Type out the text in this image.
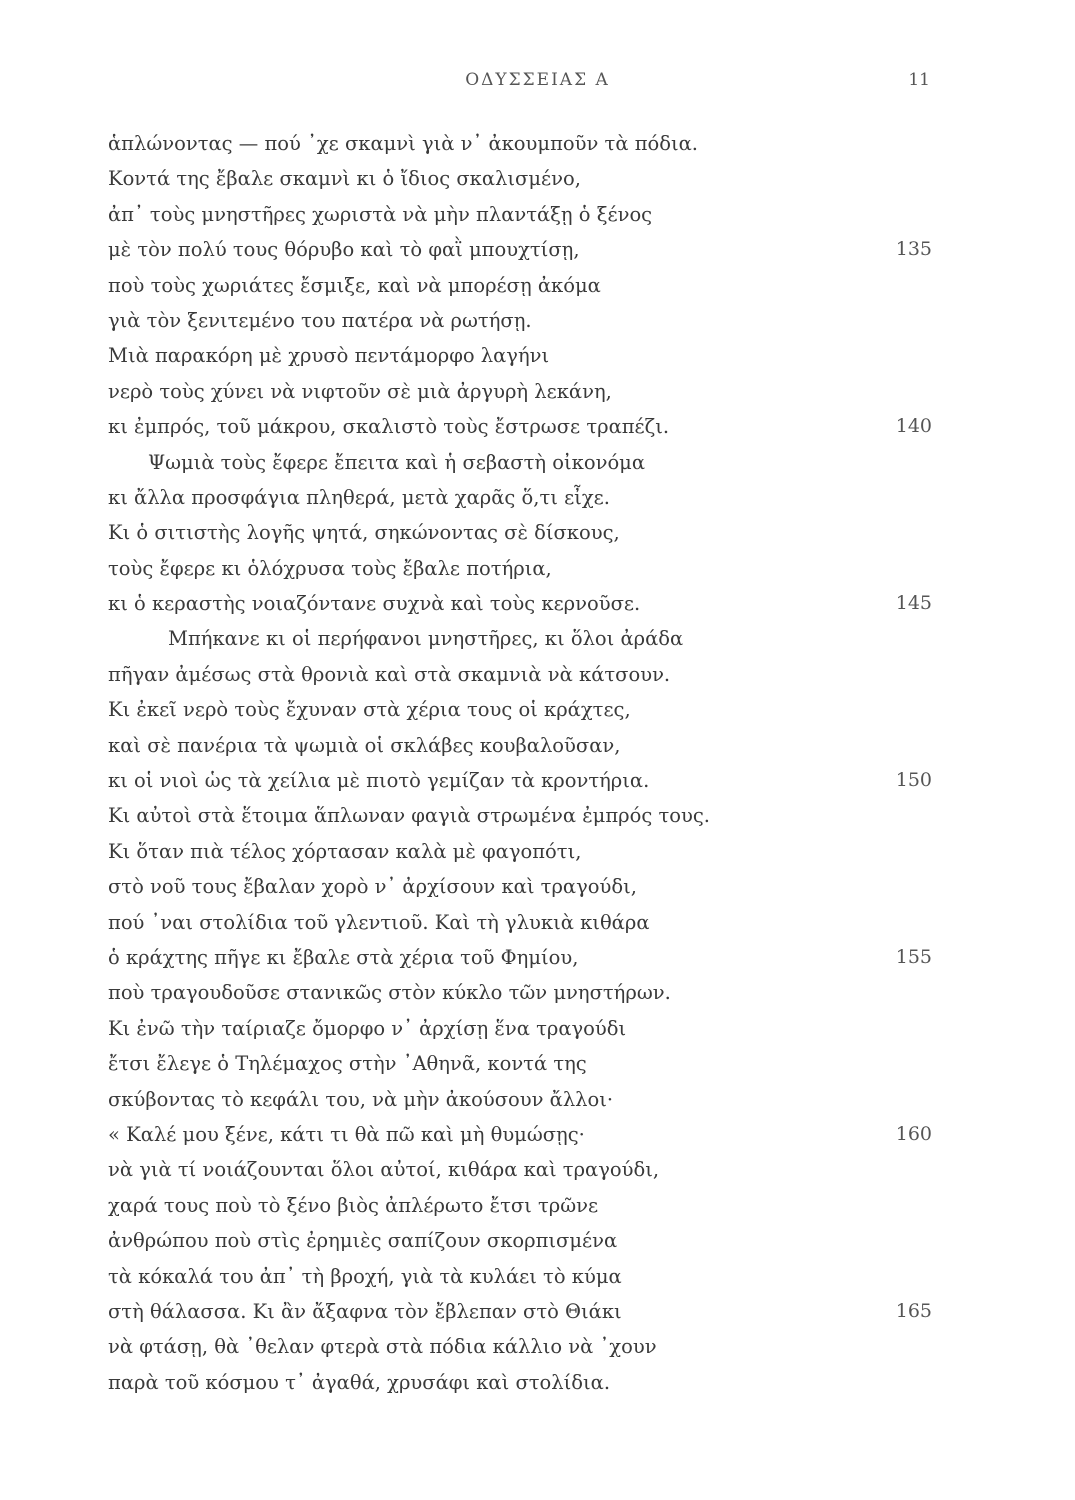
ΟΔΥΣΣΕΙΑΣ Α	11
ἁπλώνοντας — πού ᾿χε σκαμνὶ γιὰ ν᾿ ἀκουμποῦν τὰ πόδια.
Κοντά της ἔβαλε σκαμνὶ κι ὁ ἴδιος σκαλισμένο,
ἀπ᾿ τοὺς μνηστῆρες χωριστὰ νὰ μὴν πλαντάξῃ ὁ ξένος
μὲ τὸν πολύ τους θόρυβο καὶ τὸ φαῒ μπουχτίσῃ,	135
ποὺ τοὺς χωριάτες ἔσμιξε, καὶ νὰ μπορέσῃ ἀκόμα
γιὰ τὸν ξενιτεμένο του πατέρα νὰ ρωτήσῃ.
Μιὰ παρακόρη μὲ χρυσὸ πεντάμορφο λαγήνι
νερὸ τοὺς χύνει νὰ νιφτοῦν σὲ μιὰ ἀργυρὴ λεκάνη,
κι ἐμπρός, τοῦ μάκρου, σκαλιστὸ τοὺς ἔστρωσε τραπέζι.	140
Ψωμιὰ τοὺς ἔφερε ἔπειτα καὶ ἡ σεβαστὴ οἰκονόμα
κι ἄλλα προσφάγια πληθερά, μετὰ χαρᾶς ὅ,τι εἶχε.
Κι ὁ σιτιστὴς λογῆς ψητά, σηκώνοντας σὲ δίσκους,
τοὺς ἔφερε κι ὁλόχρυσα τοὺς ἔβαλε ποτήρια,
κι ὁ κεραστὴς νοιαζόντανε συχνὰ καὶ τοὺς κερνοῦσε.	145
Μπήκανε κι οἱ περήφανοι μνηστῆρες, κι ὅλοι ἀράδα
πῆγαν ἀμέσως στὰ θρονιὰ καὶ στὰ σκαμνιὰ νὰ κάτσουν.
Κι ἐκεῖ νερὸ τοὺς ἔχυναν στὰ χέρια τους οἱ κράχτες,
καὶ σὲ πανέρια τὰ ψωμιὰ οἱ σκλάβες κουβαλοῦσαν,
κι οἱ νιοὶ ὡς τὰ χείλια μὲ πιοτὸ γεμίζαν τὰ κροντήρια.	150
Κι αὐτοὶ στὰ ἕτοιμα ἅπλωναν φαγιὰ στρωμένα ἐμπρός τους.
Κι ὅταν πιὰ τέλος χόρτασαν καλὰ μὲ φαγοπότι,
στὸ νοῦ τους ἔβαλαν χορὸ ν᾿ ἀρχίσουν καὶ τραγούδι,
πού ᾿ναι στολίδια τοῦ γλεντιοῦ. Καὶ τὴ γλυκιὰ κιθάρα
ὁ κράχτης πῆγε κι ἔβαλε στὰ χέρια τοῦ Φημίου,	155
ποὺ τραγουδοῦσε στανικῶς στὸν κύκλο τῶν μνηστήρων.
Κι ἐνῶ τὴν ταίριαζε ὄμορφο ν᾿ ἀρχίσῃ ἕνα τραγούδι
ἔτσι ἔλεγε ὁ Τηλέμαχος στὴν ᾿Αθηνᾶ, κοντά της
σκύβοντας τὸ κεφάλι του, νὰ μὴν ἀκούσουν ἄλλοι·
« Καλέ μου ξένε, κάτι τι θὰ πῶ καὶ μὴ θυμώσῃς·	160
νὰ γιὰ τί νοιάζουνται ὅλοι αὐτοί, κιθάρα καὶ τραγούδι,
χαρά τους ποὺ τὸ ξένο βιὸς ἀπλέρωτο ἔτσι τρῶνε
ἀνθρώπου ποὺ στὶς ἐρημιὲς σαπίζουν σκορπισμένα
τὰ κόκαλά του ἀπ᾿ τὴ βροχή, γιὰ τὰ κυλάει τὸ κύμα
στὴ θάλασσα. Κι ἂν ἄξαφνα τὸν ἔβλεπαν στὸ Θιάκι	165
νὰ φτάσῃ, θὰ ᾿θελαν φτερὰ στὰ πόδια κάλλιο νὰ ᾿χουν
παρὰ τοῦ κόσμου τ᾿ ἀγαθά, χρυσάφι καὶ στολίδια.
